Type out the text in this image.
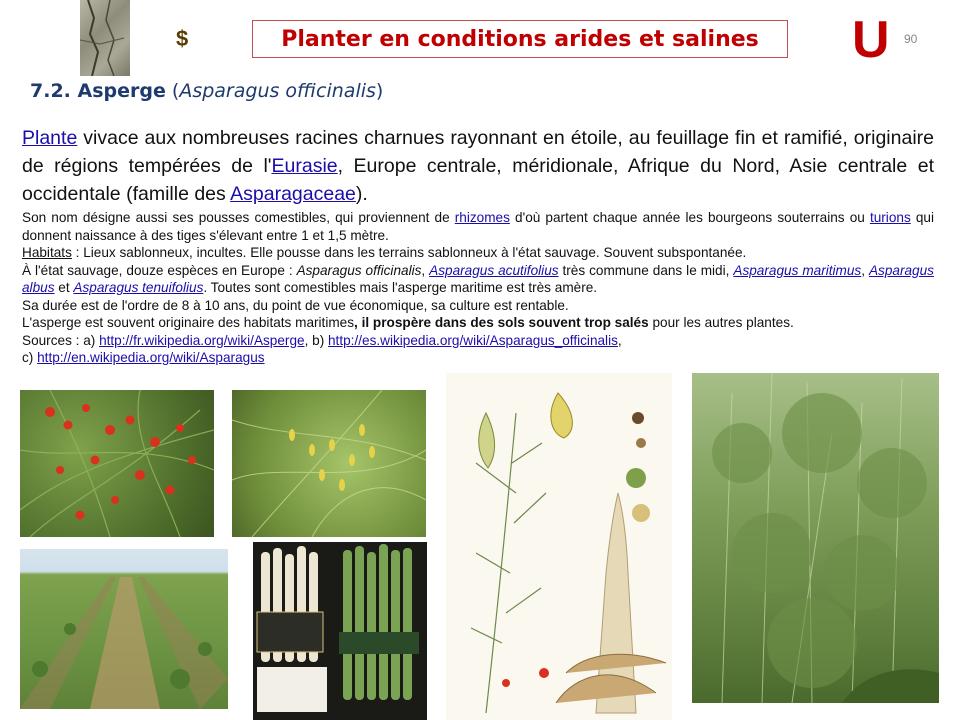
$	Planter en conditions arides et salines U 90
7.2. Asperge (Asparagus officinalis)
Plante vivace aux nombreuses racines charnues rayonnant en étoile, au feuillage fin et ramifié, originaire de régions tempérées de l'Eurasie, Europe centrale, méridionale, Afrique du Nord, Asie centrale et occidentale (famille des Asparagaceae).
Son nom désigne aussi ses pousses comestibles, qui proviennent de rhizomes d'où partent chaque année les bourgeons souterrains ou turions qui donnent naissance à des tiges s'élevant entre 1 et 1,5 mètre.
Habitats : Lieux sablonneux, incultes. Elle pousse dans les terrains sablonneux à l'état sauvage. Souvent subspontanée.
À l'état sauvage, douze espèces en Europe : Asparagus officinalis, Asparagus acutifolius très commune dans le midi, Asparagus maritimus, Asparagus albus et Asparagus tenuifolius. Toutes sont comestibles mais l'asperge maritime est très amère.
Sa durée est de l'ordre de 8 à 10 ans, du point de vue économique, sa culture est rentable.
L'asperge est souvent originaire des habitats maritimes, il prospère dans des sols souvent trop salés pour les autres plantes.
Sources : a) http://fr.wikipedia.org/wiki/Asperge, b) http://es.wikipedia.org/wiki/Asparagus_officinalis,
c) http://en.wikipedia.org/wiki/Asparagus
